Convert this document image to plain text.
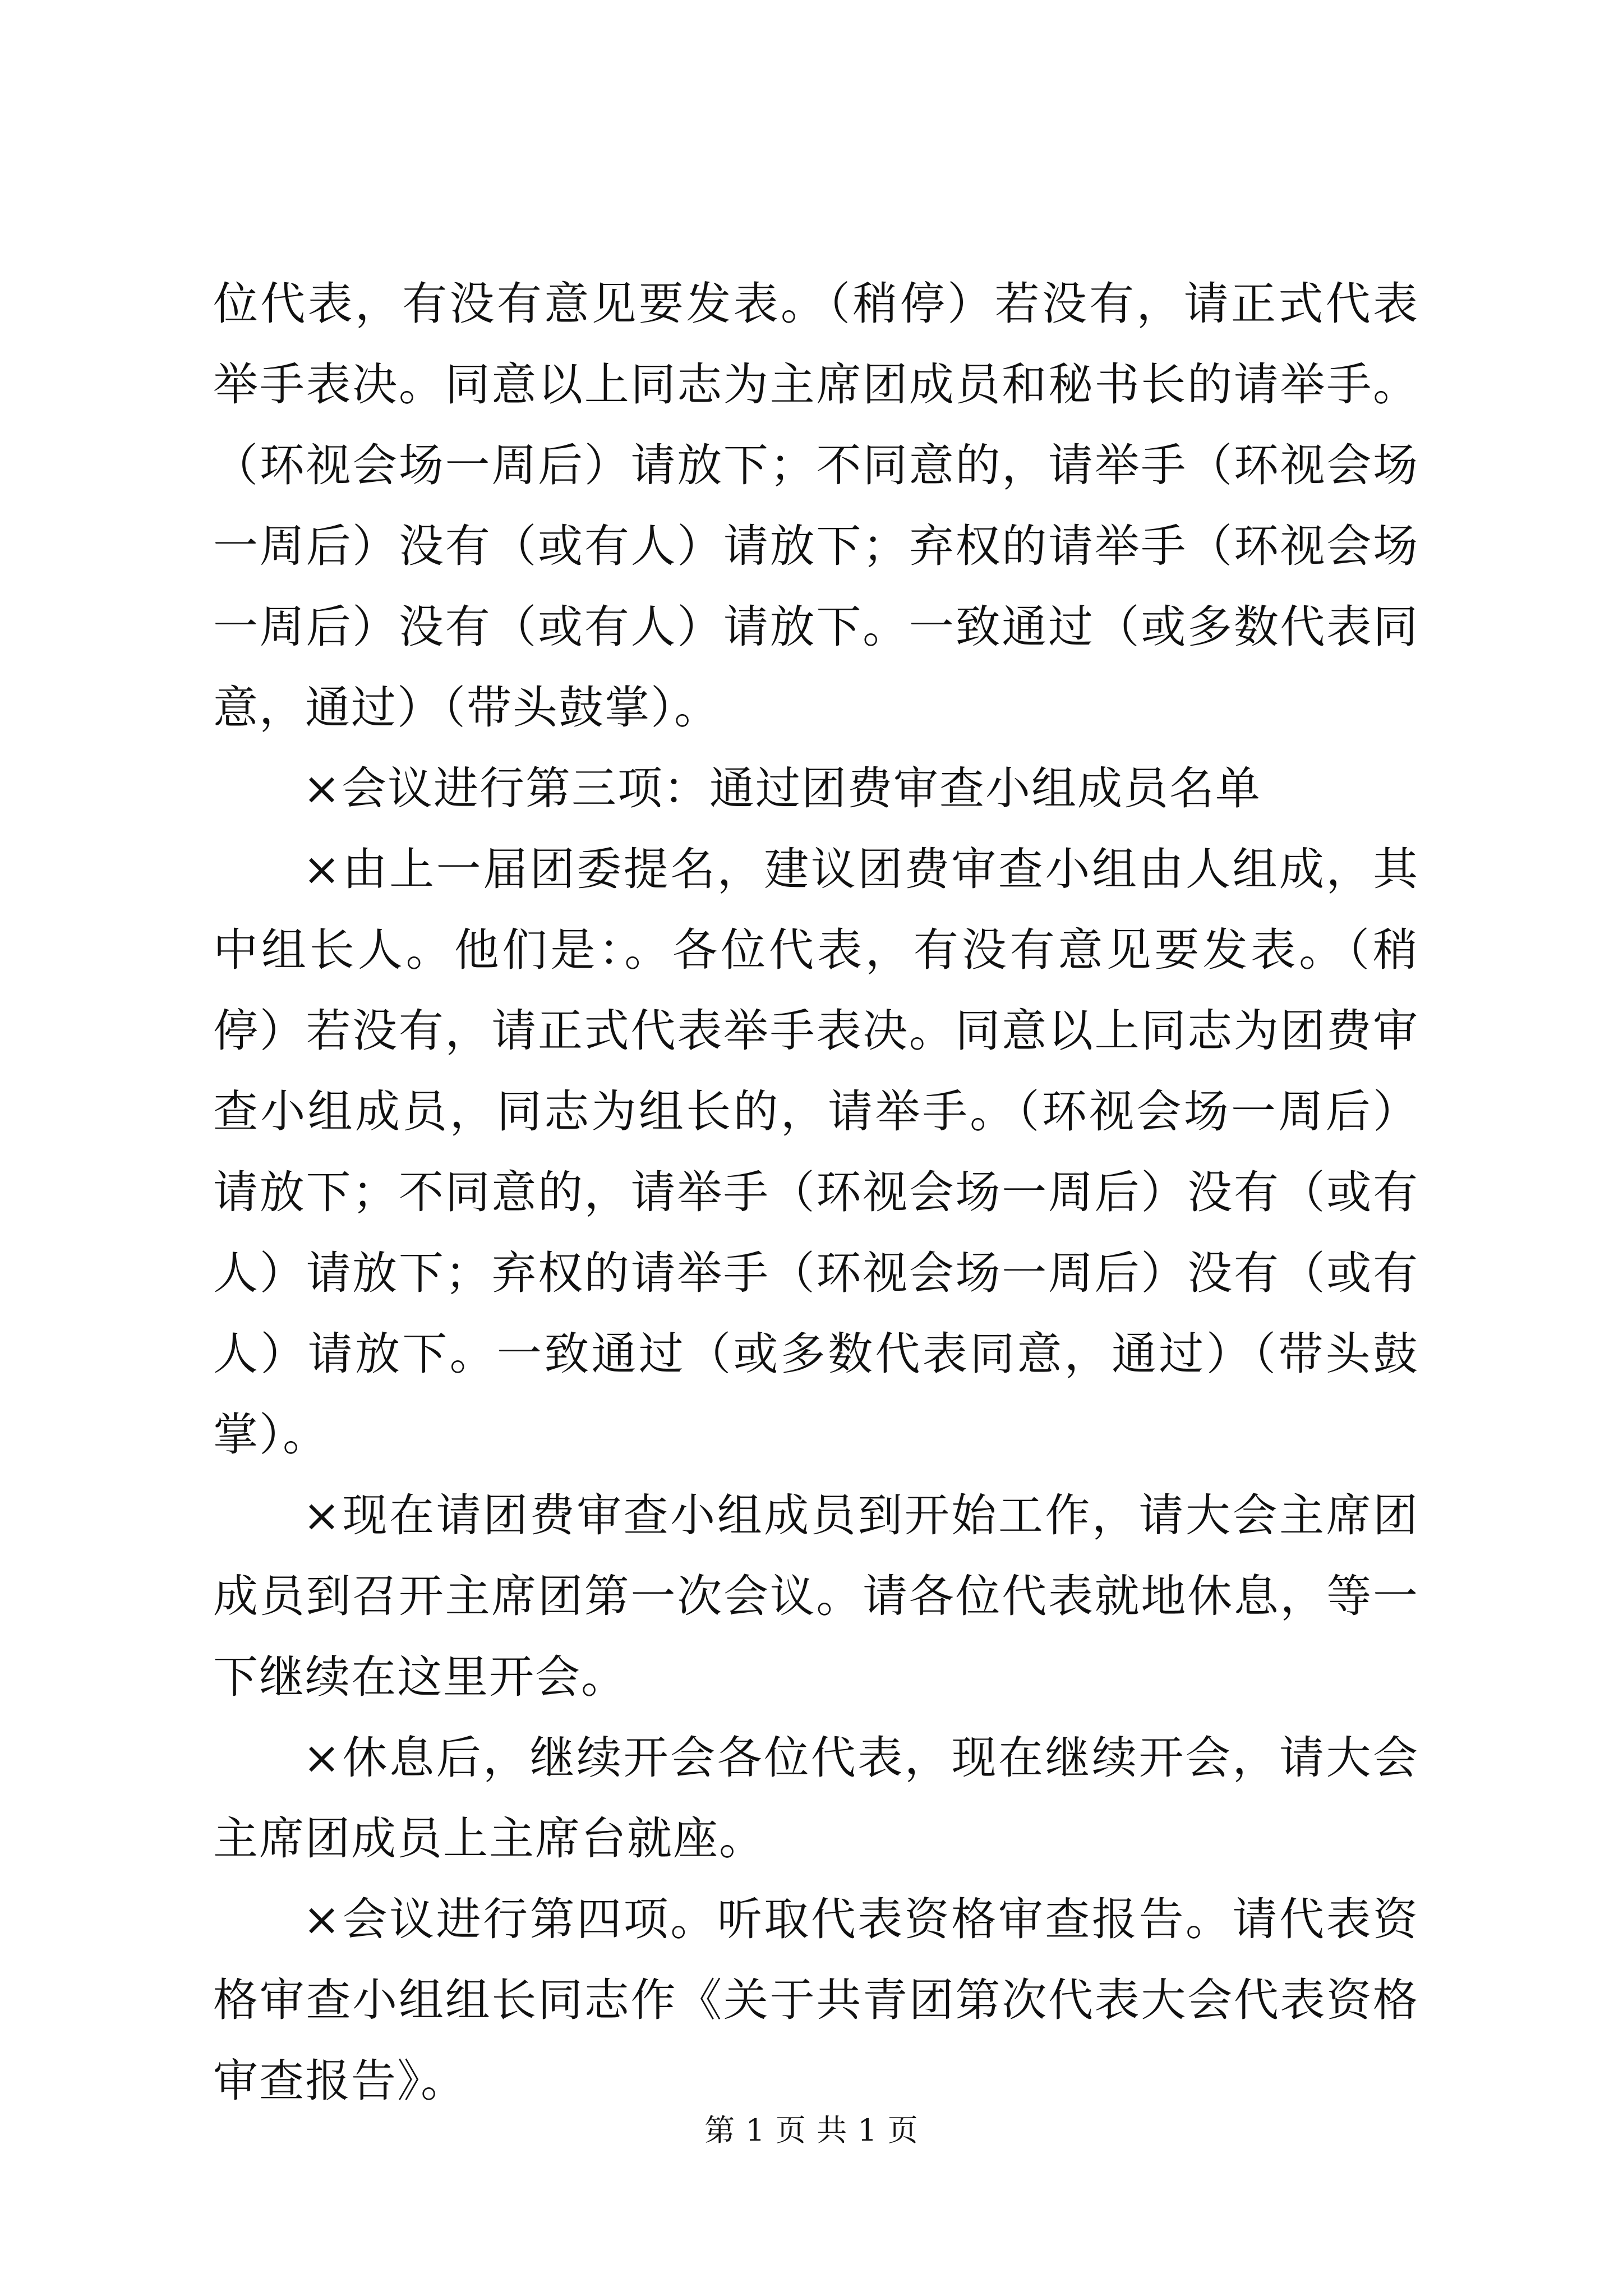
位代表，有没有意见要发表。（稍停）若没有，请正式代表举手表决。同意以上同志为主席团成员和秘书长的请举手。（环视会场一周后）请放下；不同意的，请举手（环视会场一周后）没有（或有人）请放下；弃权的请举手（环视会场一周后）没有（或有人）请放下。一致通过（或多数代表同意，通过）（带头鼓掌）。

×会议进行第三项：通过团费审查小组成员名单

×由上一届团委提名，建议团费审查小组由人组成，其中组长人。他们是：。各位代表，有没有意见要发表。（稍停）若没有，请正式代表举手表决。同意以上同志为团费审查小组成员，同志为组长的，请举手。（环视会场一周后）请放下；不同意的，请举手（环视会场一周后）没有（或有人）请放下；弃权的请举手（环视会场一周后）没有（或有人）请放下。一致通过（或多数代表同意，通过）（带头鼓掌）。

×现在请团费审查小组成员到开始工作，请大会主席团成员到召开主席团第一次会议。请各位代表就地休息，等一下继续在这里开会。

×休息后，继续开会各位代表，现在继续开会，请大会主席团成员上主席台就座。

×会议进行第四项。听取代表资格审查报告。请代表资格审查小组组长同志作《关于共青团第次代表大会代表资格审查报告》。

第 1 页 共 1 页
